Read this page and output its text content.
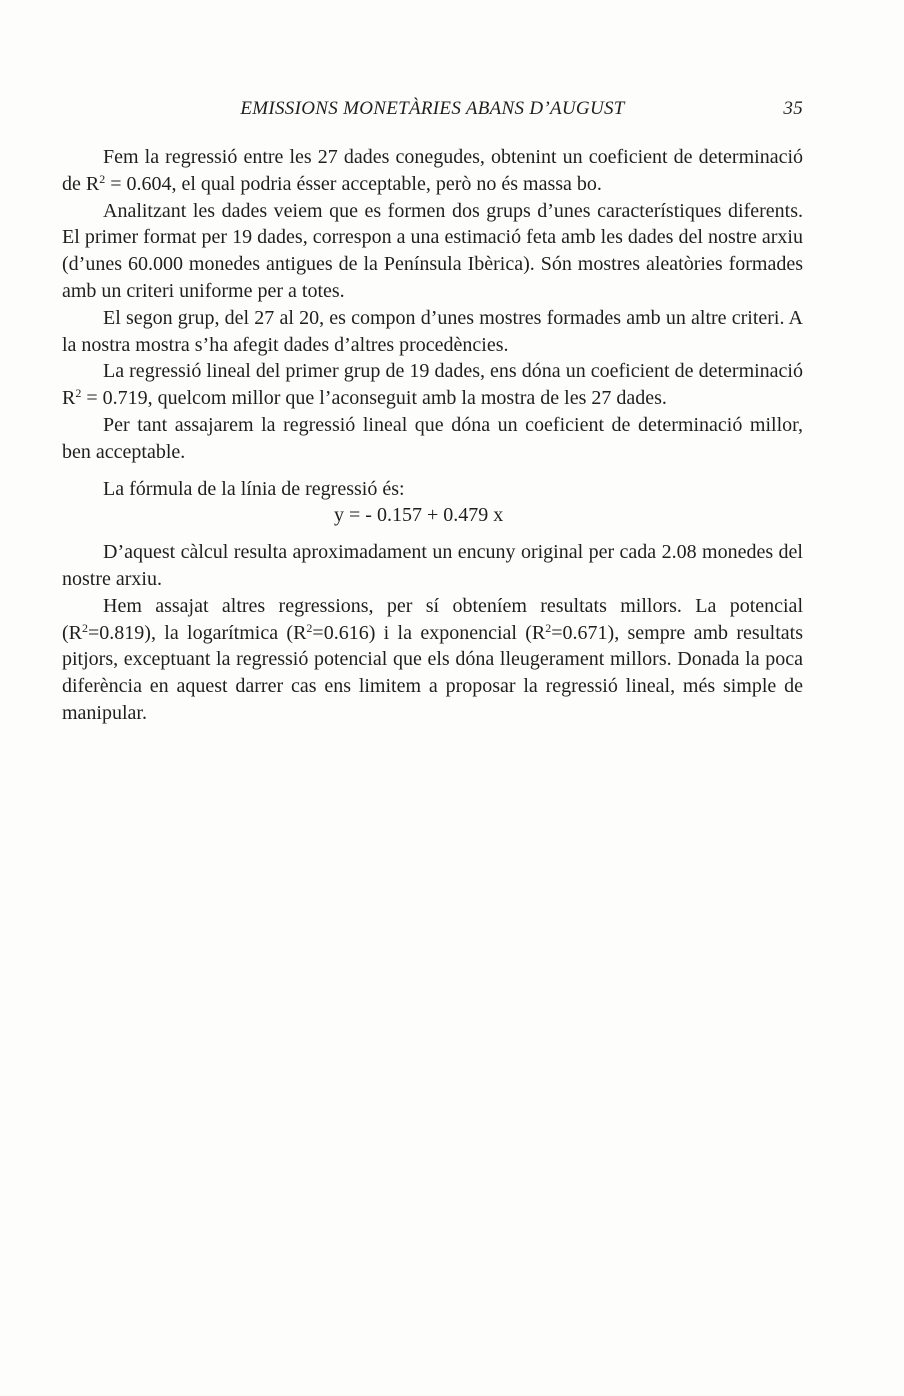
EMISSIONS MONETÀRIES ABANS D’AUGUST	35

Fem la regressió entre les 27 dades conegudes, obtenint un coeficient de determinació de $R^2 = 0.604$, el qual podria ésser acceptable, però no és massa bo.

Analitzant les dades veiem que es formen dos grups d’unes característiques diferents. El primer format per 19 dades, correspon a una estimació feta amb les dades del nostre arxiu (d’unes 60.000 monedes antigues de la Península Ibèrica). Són mostres aleatòries formades amb un criteri uniforme per a totes.

El segon grup, del 27 al 20, es compon d’unes mostres formades amb un altre criteri. A la nostra mostra s’ha afegit dades d’altres procedències.

La regressió lineal del primer grup de 19 dades, ens dóna un coeficient de determinació $R^2 = 0.719$, quelcom millor que l’aconseguit amb la mostra de les 27 dades.

Per tant assajarem la regressió lineal que dóna un coeficient de determinació millor, ben acceptable.

La fórmula de la línia de regressió és:

y = - 0.157 + 0.479 x

D’aquest càlcul resulta aproximadament un encuny original per cada 2.08 monedes del nostre arxiu.

Hem assajat altres regressions, per sí obteníem resultats millors. La potencial $(R^2=0.819)$, la logarítmica $(R^2=0.616)$ i la exponencial $(R^2=0.671)$, sempre amb resultats pitjors, exceptuant la regressió potencial que els dóna lleugerament millors. Donada la poca diferència en aquest darrer cas ens limitem a proposar la regressió lineal, més simple de manipular.
